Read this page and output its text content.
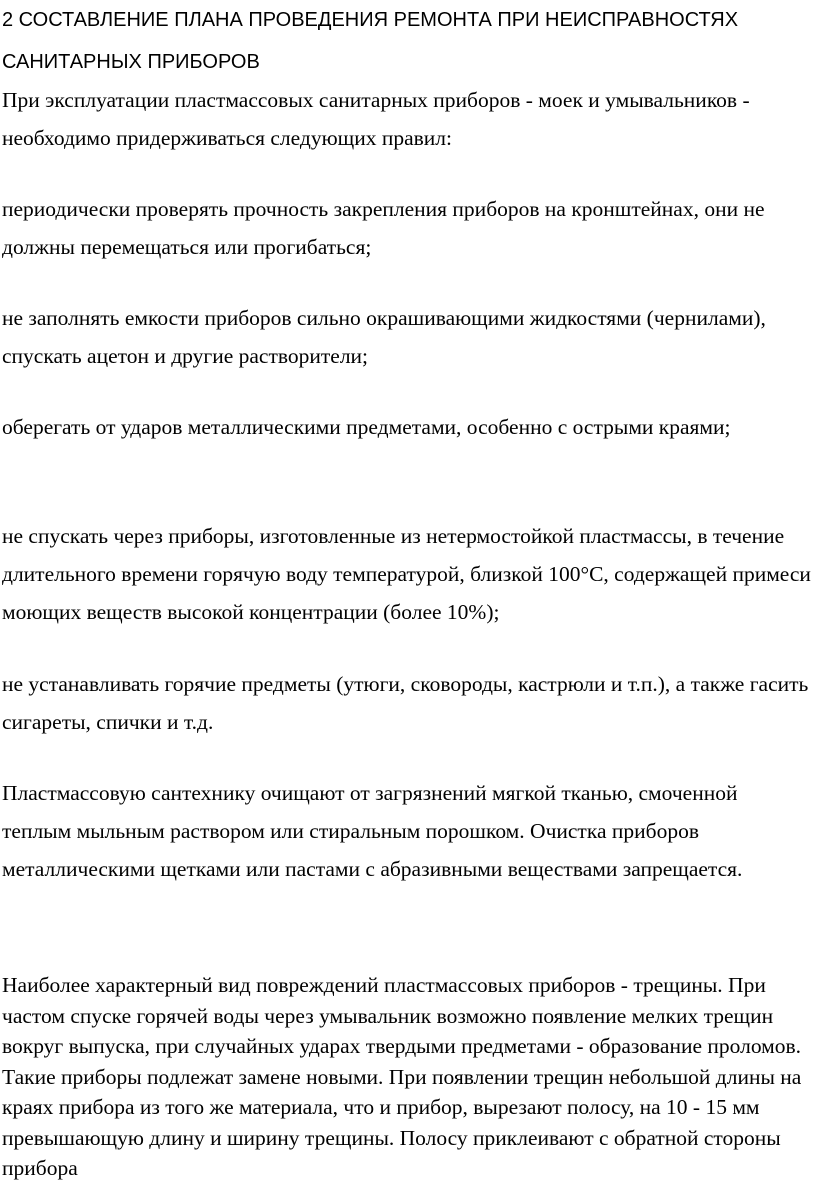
2 СОСТАВЛЕНИЕ ПЛАНА ПРОВЕДЕНИЯ РЕМОНТА ПРИ НЕИСПРАВНОСТЯХ САНИТАРНЫХ ПРИБОРОВ

При эксплуатации пластмассовых санитарных приборов - моек и умывальников - необходимо придерживаться следующих правил:

периодически проверять прочность закрепления приборов на кронштейнах, они не должны перемещаться или прогибаться;

не заполнять емкости приборов сильно окрашивающими жидкостями (чернилами), спускать ацетон и другие растворители;

оберегать от ударов металлическими предметами, особенно с острыми краями;

не спускать через приборы, изготовленные из нетермостойкой пластмассы, в течение длительного времени горячую воду температурой, близкой 100°C, содержащей примеси моющих веществ высокой концентрации (более 10%);

не устанавливать горячие предметы (утюги, сковороды, кастрюли и т.п.), а также гасить сигареты, спички и т.д.

Пластмассовую сантехнику очищают от загрязнений мягкой тканью, смоченной теплым мыльным раствором или стиральным порошком. Очистка приборов металлическими щетками или пастами с абразивными веществами запрещается.

Наиболее характерный вид повреждений пластмассовых приборов - трещины. При частом спуске горячей воды через умывальник возможно появление мелких трещин вокруг выпуска, при случайных ударах твердыми предметами - образование проломов. Такие приборы подлежат замене новыми. При появлении трещин небольшой длины на краях прибора из того же материала, что и прибор, вырезают полосу, на 10 - 15 мм превышающую длину и ширину трещины. Полосу приклеивают с обратной стороны прибора
